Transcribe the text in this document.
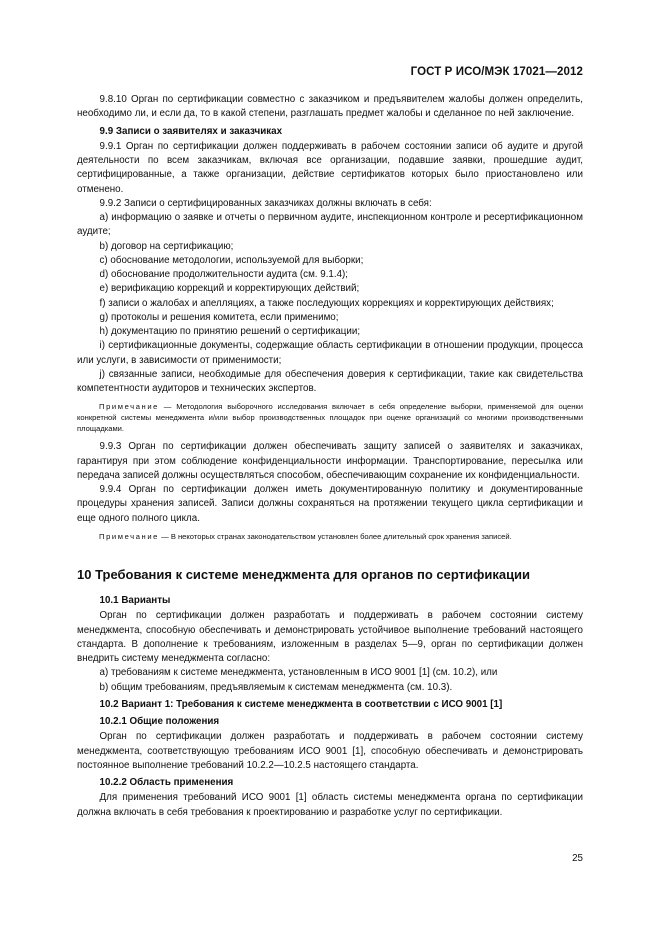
ГОСТ Р ИСО/МЭК 17021—2012

9.8.10 Орган по сертификации совместно с заказчиком и предъявителем жалобы должен определить, необходимо ли, и если да, то в какой степени, разглашать предмет жалобы и сделанное по ней заключение.

9.9 Записи о заявителях и заказчиках

9.9.1 Орган по сертификации должен поддерживать в рабочем состоянии записи об аудите и другой деятельности по всем заказчикам, включая все организации, подавшие заявки, прошедшие аудит, сертифицированные, а также организации, действие сертификатов которых было приостановлено или отменено.

9.9.2 Записи о сертифицированных заказчиках должны включать в себя:

a) информацию о заявке и отчеты о первичном аудите, инспекционном контроле и ресертификационном аудите;

b) договор на сертификацию;

c) обоснование методологии, используемой для выборки;

d) обоснование продолжительности аудита (см. 9.1.4);

e) верификацию коррекций и корректирующих действий;

f) записи о жалобах и апелляциях, а также последующих коррекциях и корректирующих действиях;

g) протоколы и решения комитета, если применимо;

h) документацию по принятию решений о сертификации;

i) сертификационные документы, содержащие область сертификации в отношении продукции, процесса или услуги, в зависимости от применимости;

j) связанные записи, необходимые для обеспечения доверия к сертификации, такие как свидетельства компетентности аудиторов и технических экспертов.

Примечание — Методология выборочного исследования включает в себя определение выборки, применяемой для оценки конкретной системы менеджмента и/или выбор производственных площадок при оценке организаций со многими производственными площадками.

9.9.3 Орган по сертификации должен обеспечивать защиту записей о заявителях и заказчиках, гарантируя при этом соблюдение конфиденциальности информации. Транспортирование, пересылка или передача записей должны осуществляться способом, обеспечивающим сохранение их конфиденциальности.

9.9.4 Орган по сертификации должен иметь документированную политику и документированные процедуры хранения записей. Записи должны сохраняться на протяжении текущего цикла сертификации и еще одного полного цикла.

Примечание — В некоторых странах законодательством установлен более длительный срок хранения записей.

10 Требования к системе менеджмента для органов по сертификации

10.1 Варианты

Орган по сертификации должен разработать и поддерживать в рабочем состоянии систему менеджмента, способную обеспечивать и демонстрировать устойчивое выполнение требований настоящего стандарта. В дополнение к требованиям, изложенным в разделах 5—9, орган по сертификации должен внедрить систему менеджмента согласно:

a) требованиям к системе менеджмента, установленным в ИСО 9001 [1] (см. 10.2), или

b) общим требованиям, предъявляемым к системам менеджмента (см. 10.3).

10.2 Вариант 1: Требования к системе менеджмента в соответствии с ИСО 9001 [1]

10.2.1 Общие положения

Орган по сертификации должен разработать и поддерживать в рабочем состоянии систему менеджмента, соответствующую требованиям ИСО 9001 [1], способную обеспечивать и демонстрировать постоянное выполнение требований 10.2.2—10.2.5 настоящего стандарта.

10.2.2 Область применения

Для применения требований ИСО 9001 [1] область системы менеджмента органа по сертификации должна включать в себя требования к проектированию и разработке услуг по сертификации.

25
